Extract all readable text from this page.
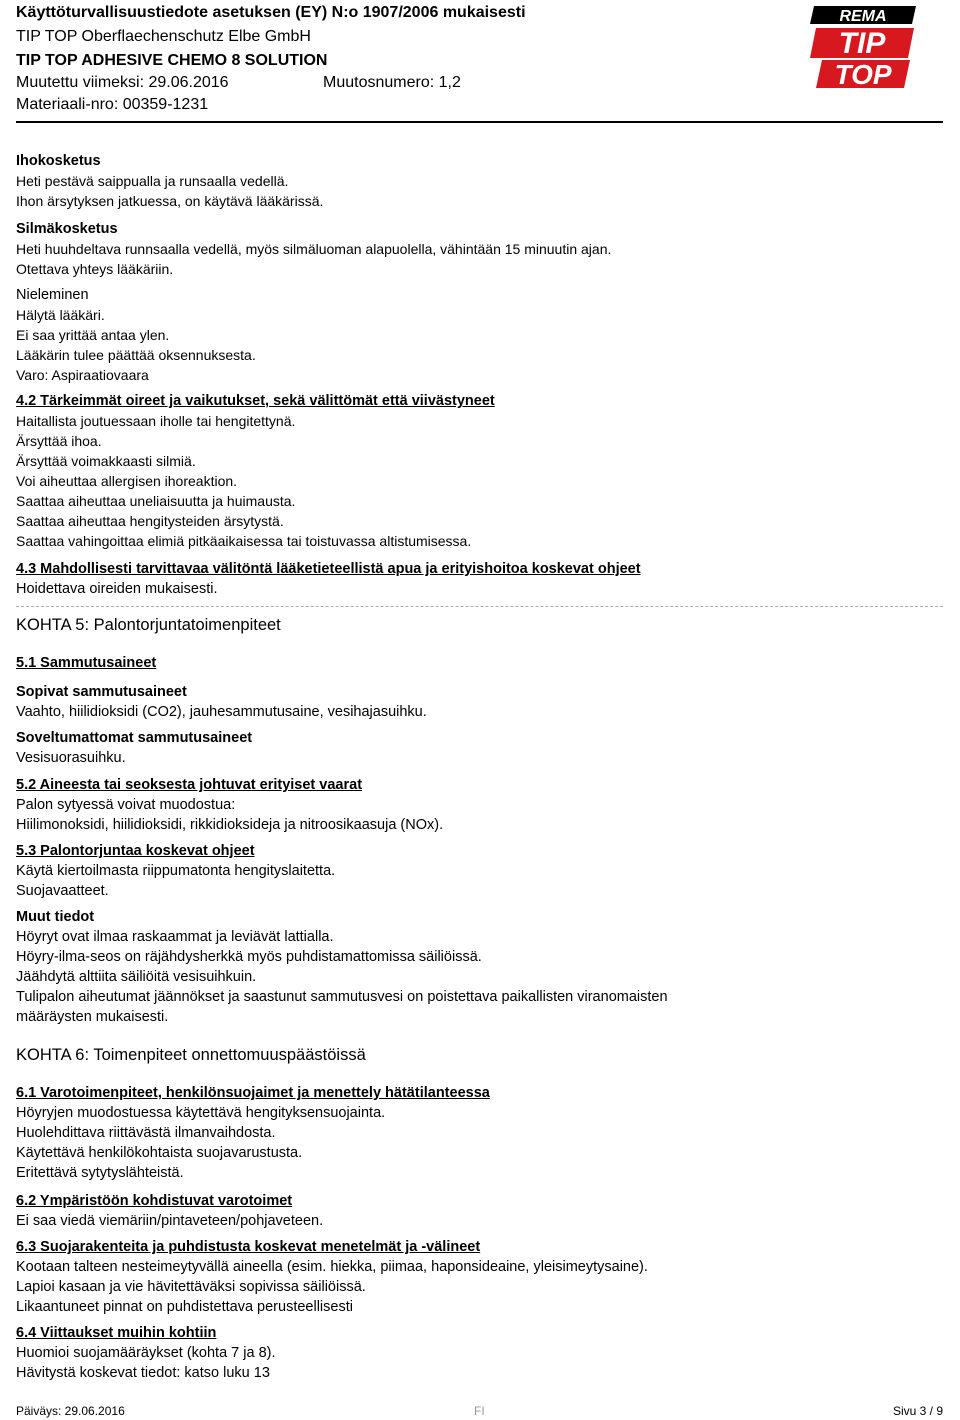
Käyttöturvallisuustiedote asetuksen (EY) N:o 1907/2006 mukaisesti
TIP TOP Oberflaechenschutz Elbe GmbH
TIP TOP ADHESIVE CHEMO 8 SOLUTION
Muutettu viimeksi: 29.06.2016	Muutosnumero: 1,2
Materiaali-nro: 00359-1231
REMA
TIP
TOP
Ihokosketus
Heti pestävä saippualla ja runsaalla vedellä.
Ihon ärsytyksen jatkuessa, on käytävä lääkärissä.
Silmäkosketus
Heti huuhdeltava runnsaalla vedellä, myös silmäluoman alapuolella, vähintään 15 minuutin ajan.
Otettava yhteys lääkäriin.
Nieleminen
Hälytä lääkäri.
Ei saa yrittää antaa ylen.
Lääkärin tulee päättää oksennuksesta.
Varo: Aspiraatiovaara
4.2 Tärkeimmät oireet ja vaikutukset, sekä välittömät että viivästyneet
Haitallista joutuessaan iholle tai hengitettynä.
Ärsyttää ihoa.
Ärsyttää voimakkaasti silmiä.
Voi aiheuttaa allergisen ihoreaktion.
Saattaa aiheuttaa uneliaisuutta ja huimausta.
Saattaa aiheuttaa hengitysteiden ärsytystä.
Saattaa vahingoittaa elimiä pitkäaikaisessa tai toistuvassa altistumisessa.
4.3 Mahdollisesti tarvittavaa välitöntä lääketieteellistä apua ja erityishoitoa koskevat ohjeet
Hoidettava oireiden mukaisesti.
KOHTA 5: Palontorjuntatoimenpiteet
5.1 Sammutusaineet
Sopivat sammutusaineet
Vaahto, hiilidioksidi (CO2), jauhesammutusaine, vesihajasuihku.
Soveltumattomat sammutusaineet
Vesisuorasuihku.
5.2 Aineesta tai seoksesta johtuvat erityiset vaarat
Palon sytyessä voivat muodostua:
Hiilimonoksidi, hiilidioksidi, rikkidioksideja ja nitroosikaasuja (NOx).
5.3 Palontorjuntaa koskevat ohjeet
Käytä kiertoilmasta riippumatonta hengityslaitetta.
Suojavaatteet.
Muut tiedot
Höyryt ovat ilmaa raskaammat ja leviävät lattialla.
Höyry-ilma-seos on räjähdysherkkä myös puhdistamattomissa säiliöissä.
Jäähdytä alttiita säiliöitä vesisuihkuin.
Tulipalon aiheutumat jäännökset ja saastunut sammutusvesi on poistettava paikallisten viranomaisten
määräysten mukaisesti.
KOHTA 6: Toimenpiteet onnettomuuspäästöissä
6.1 Varotoimenpiteet, henkilönsuojaimet ja menettely hätätilanteessa
Höyryjen muodostuessa käytettävä hengityksensuojainta.
Huolehdittava riittävästä ilmanvaihdosta.
Käytettävä henkilökohtaista suojavarustusta.
Eritettävä sytytyslähteistä.
6.2 Ympäristöön kohdistuvat varotoimet
Ei saa viedä viemäriin/pintaveteen/pohjaveteen.
6.3 Suojarakenteita ja puhdistusta koskevat menetelmät ja -välineet
Kootaan talteen nesteimeytyvällä aineella (esim. hiekka, piimaa, haponsideaine, yleisimeytysaine).
Lapioi kasaan ja vie hävitettäväksi sopivissa säiliöissä.
Likaantuneet pinnat on puhdistettava perusteellisesti
6.4 Viittaukset muihin kohtiin
Huomioi suojamääräykset (kohta 7 ja 8).
Hävitystä koskevat tiedot: katso luku 13
Päiväys: 29.06.2016	FI	Sivu 3 / 9
